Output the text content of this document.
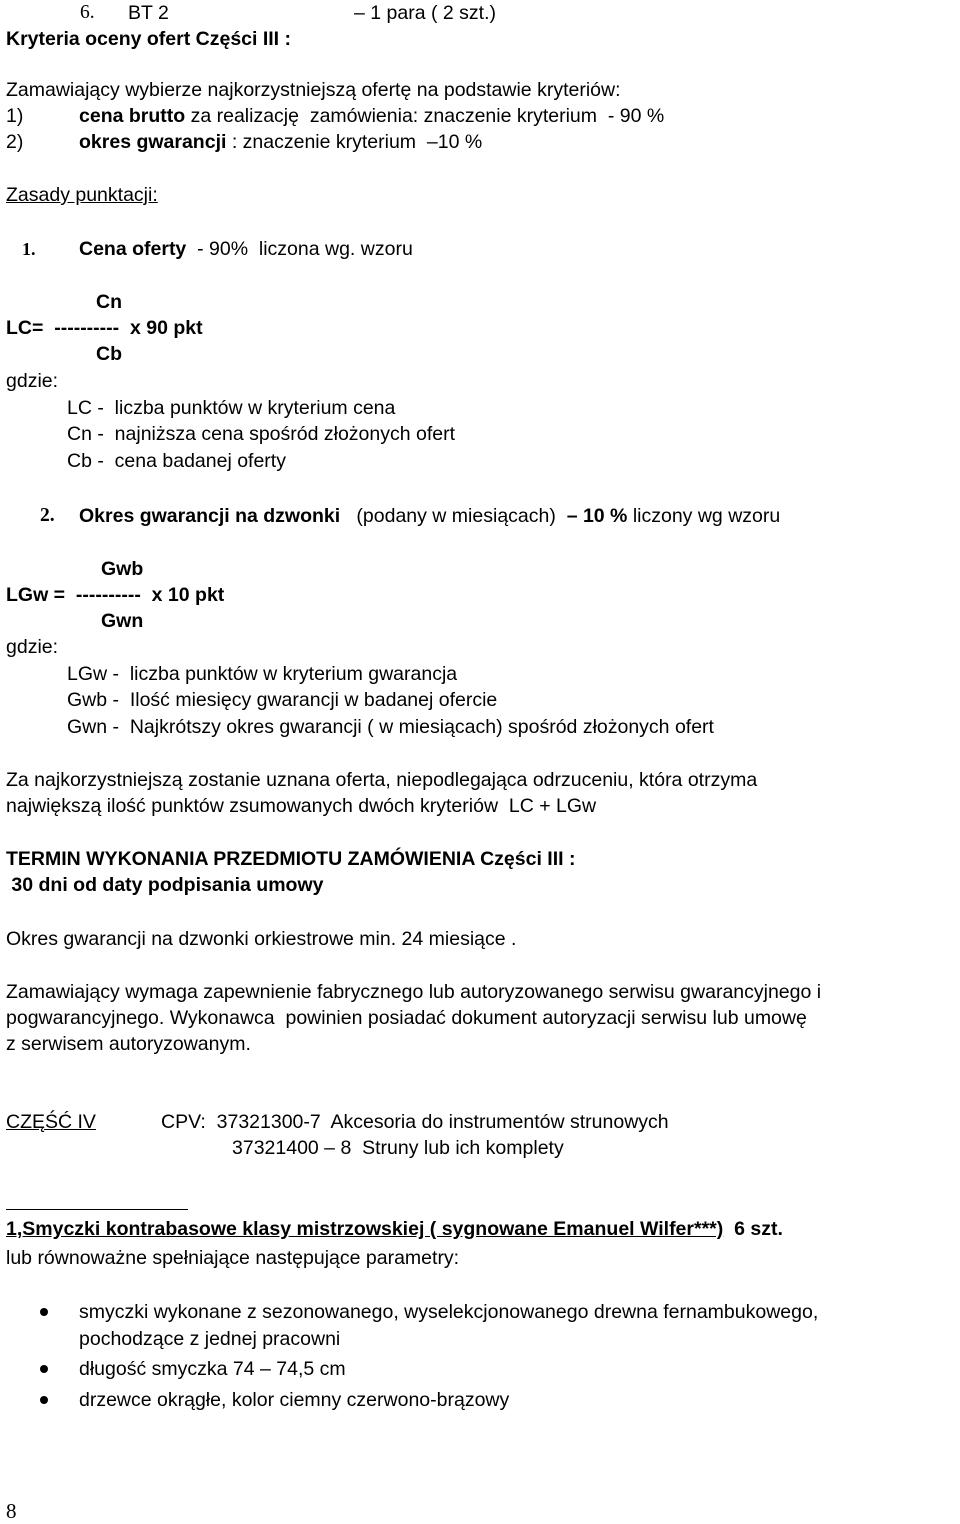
6. BT 2	– 1 para ( 2 szt.)
Kryteria oceny ofert Części III :
Zamawiający wybierze najkorzystniejszą ofertę na podstawie kryteriów:
1)	cena brutto za realizację  zamówienia: znaczenie kryterium  - 90 %
2)	okres gwarancji : znaczenie kryterium  –10 %
Zasady punktacji:
1. Cena oferty  - 90%  liczona wg. wzoru
Cn
LC=  ----------  x 90 pkt
Cb
gdzie:
LC -  liczba punktów w kryterium cena
Cn -  najniższa cena spośród złożonych ofert
Cb -  cena badanej oferty
2. Okres gwarancji na dzwonki   (podany w miesiącach)  – 10 % liczony wg wzoru
Gwb
LGw =  ----------  x 10 pkt
Gwn
gdzie:
LGw -  liczba punktów w kryterium gwarancja
Gwb -  Ilość miesięcy gwarancji w badanej ofercie
Gwn -  Najkrótszy okres gwarancji ( w miesiącach) spośród złożonych ofert
Za najkorzystniejszą zostanie uznana oferta, niepodlegająca odrzuceniu, która otrzyma
największą ilość punktów zsumowanych dwóch kryteriów  LC + LGw
TERMIN WYKONANIA PRZEDMIOTU ZAMÓWIENIA Części III :
30 dni od daty podpisania umowy
Okres gwarancji na dzwonki orkiestrowe min. 24 miesiące .
Zamawiający wymaga zapewnienie fabrycznego lub autoryzowanego serwisu gwarancyjnego i
pogwarancyjnego. Wykonawca  powinien posiadać dokument autoryzacji serwisu lub umowę
z serwisem autoryzowanym.
CZĘŚĆ IV	CPV:  37321300-7  Akcesoria do instrumentów strunowych
37321400 – 8  Struny lub ich komplety
1,Smyczki kontrabasowe klasy mistrzowskiej ( sygnowane Emanuel Wilfer***)  6 szt.
lub równoważne spełniające następujące parametry:
smyczki wykonane z sezonowanego, wyselekcjonowanego drewna fernambukowego,
pochodzące z jednej pracowni
długość smyczka 74 – 74,5 cm
drzewce okrągłe, kolor ciemny czerwono-brązowy
8
